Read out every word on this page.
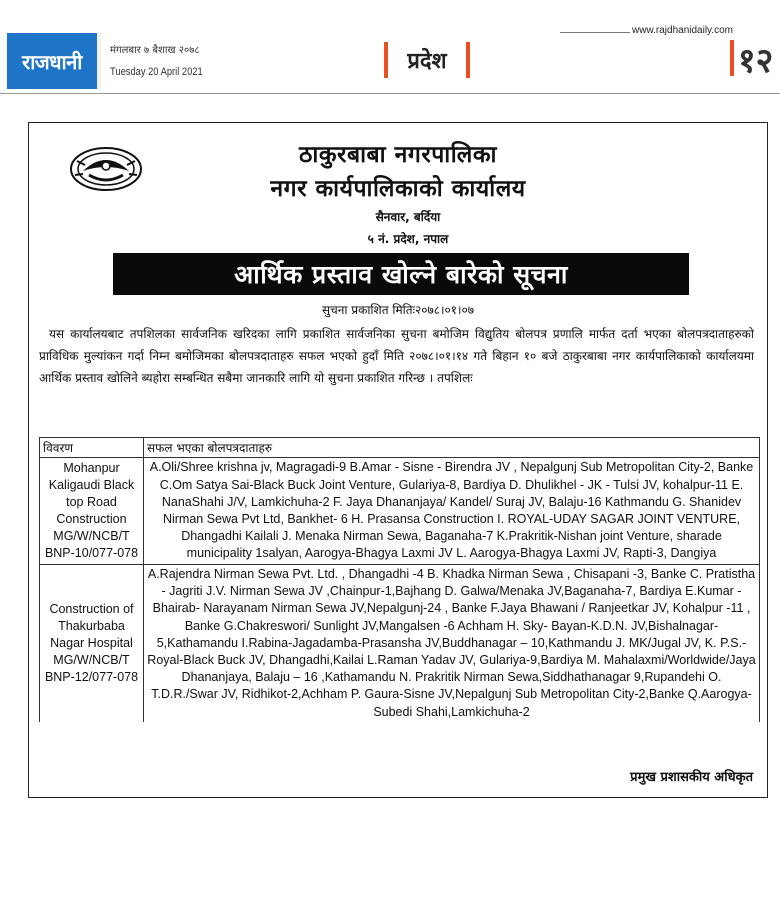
www.rajdhanidaily.com
राजधानी	मंगलबार ७ बैशाख २०७८
Tuesday 20 April 2021	प्रदेश	१२
ठाकुरबाबा नगरपालिका
नगर कार्यपालिकाको कार्यालय
सैनवार, बर्दिया
५ नं. प्रदेश, नपाल
आर्थिक प्रस्ताव खोल्ने बारेको सूचना
सुचना प्रकाशित मितिः२०७८।०१।०७
यस कार्यालयबाट तपशिलका सार्वजनिक खरिदका लागि प्रकाशित सार्वजनिका सुचना बमोजिम विद्युतिय बोलपत्र प्रणालि मार्फत दर्ता भएका बोलपत्रदाताहरुको प्राविधिक मुल्यांकन गर्दा निम्न बमोजिमका बोलपत्रदाताहरु सफल भएको हुदाँ मिति २०७८।०१।१४ गते बिहान १० बजे ठाकुरबाबा नगर कार्यपालिकाको कार्यालयमा आर्थिक प्रस्ताव खोलिने ब्यहोरा सम्बन्धित सबैमा जानकारि लागि यो सुचना प्रकाशित गरिन्छ । तपशिलः
विवरण	सफल भएका बोलपत्रदाताहरु
Mohanpur Kaligaudi Black top Road Construction MG/W/NCB/T BNP-10/077-078	A.Oli/Shree krishna jv, Magragadi-9 B.Amar - Sisne - Birendra JV , Nepalgunj Sub Metropolitan City-2, Banke C.Om Satya Sai-Black Buck Joint Venture, Gulariya-8, Bardiya D. Dhulikhel - JK - Tulsi JV, kohalpur-11 E. NanaShahi J/V, Lamkichuha-2 F. Jaya Dhananjaya/ Kandel/ Suraj JV, Balaju-16 Kathmandu G. Shanidev Nirman Sewa Pvt Ltd, Bankhet- 6 H. Prasansa Construction I. ROYAL-UDAY SAGAR JOINT VENTURE, Dhangadhi Kailali J. Menaka Nirman Sewa, Baganaha-7 K.Prakritik-Nishan joint Venture, sharade municipality 1salyan, Aarogya-Bhagya Laxmi JV L. Aarogya-Bhagya Laxmi JV, Rapti-3, Dangiya
Construction of Thakurbaba Nagar Hospital MG/W/NCB/T BNP-12/077-078	A.Rajendra Nirman Sewa Pvt. Ltd. , Dhangadhi -4 B. Khadka Nirman Sewa , Chisapani -3, Banke C. Pratistha - Jagriti J.V. Nirman Sewa JV ,Chainpur-1,Bajhang D. Galwa/Menaka JV,Baganaha-7, Bardiya E.Kumar - Bhairab- Narayanam Nirman Sewa JV,Nepalgunj-24 , Banke F.Jaya Bhawani / Ranjeetkar JV, Kohalpur -11 , Banke G.Chakreswori/ Sunlight JV,Mangalsen -6 Achham H. Sky- Bayan-K.D.N. JV,Bishalnagar-5,Kathamandu I.Rabina-Jagadamba-Prasansha JV,Buddhanagar – 10,Kathmandu J. MK/Jugal JV, K. P.S.-Royal-Black Buck JV, Dhangadhi,Kailai L.Raman Yadav JV, Gulariya-9,Bardiya M. Mahalaxmi/Worldwide/Jaya Dhananjaya, Balaju – 16 ,Kathamandu N. Prakritik Nirman Sewa,Siddhathanagar 9,Rupandehi O. T.D.R./Swar JV, Ridhikot-2,Achham P. Gaura-Sisne JV,Nepalgunj Sub Metropolitan City-2,Banke Q.Aarogya-Subedi Shahi,Lamkichuha-2
प्रमुख प्रशासकीय अधिकृत
